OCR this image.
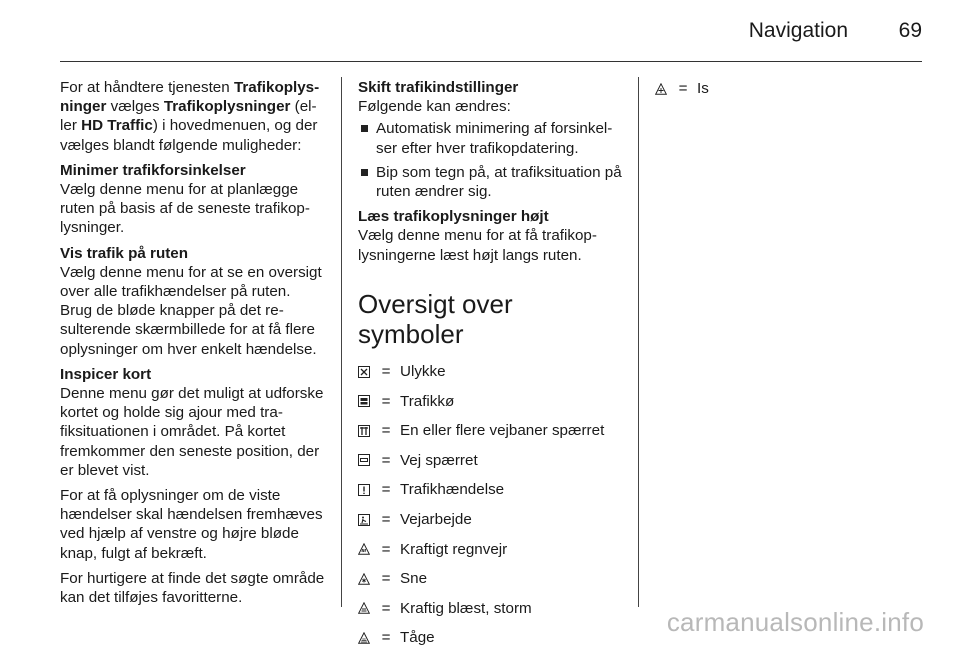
Navigation 69

For at håndtere tjenesten Trafikoplysninger vælges Trafikoplysninger (eller HD Traffic) i hovedmenuen, og der vælges blandt følgende muligheder:

Minimer trafikforsinkelser
Vælg denne menu for at planlægge ruten på basis af de seneste trafikoplysninger.

Vis trafik på ruten
Vælg denne menu for at se en oversigt over alle trafikhændelser på ruten. Brug de bløde knapper på det resulterende skærmbillede for at få flere oplysninger om hver enkelt hændelse.

Inspicer kort
Denne menu gør det muligt at udforske kortet og holde sig ajour med trafiksituationen i området. På kortet fremkommer den seneste position, der er blevet vist.

For at få oplysninger om de viste hændelser skal hændelsen fremhæves ved hjælp af venstre og højre bløde knap, fulgt af bekræft.

For hurtigere at finde det søgte område kan det tilføjes favoritterne.

Skift trafikindstillinger
Følgende kan ændres:

Automatisk minimering af forsinkelser efter hver trafikopdatering.
Bip som tegn på, at trafiksituation på ruten ændrer sig.

Læs trafikoplysninger højt
Vælg denne menu for at få trafikoplysningerne læst højt langs ruten.

Oversigt over symboler
= Ulykke
= Trafikkø
= En eller flere vejbaner spærret
= Vej spærret
= Trafikhændelse
= Vejarbejde
= Kraftigt regnvejr
= Sne
= Kraftig blæst, storm
= Tåge
= Is
carmanualsonline.info
